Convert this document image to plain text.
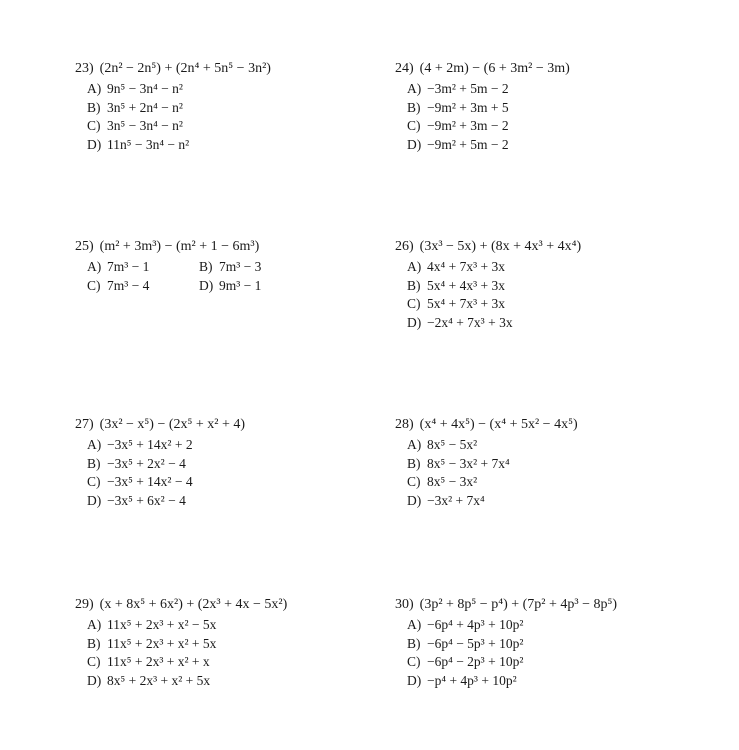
23) (2n² − 2n⁵) + (2n⁴ + 5n⁵ − 3n²)
A) 9n⁵ − 3n⁴ − n²
B) 3n⁵ + 2n⁴ − n²
C) 3n⁵ − 3n⁴ − n²
D) 11n⁵ − 3n⁴ − n²
24) (4 + 2m) − (6 + 3m² − 3m)
A) −3m² + 5m − 2
B) −9m² + 3m + 5
C) −9m² + 3m − 2
D) −9m² + 5m − 2
25) (m² + 3m³) − (m² + 1 − 6m³)
A) 7m³ − 1	B) 7m³ − 3
C) 7m³ − 4	D) 9m³ − 1
26) (3x³ − 5x) + (8x + 4x³ + 4x⁴)
A) 4x⁴ + 7x³ + 3x
B) 5x⁴ + 4x³ + 3x
C) 5x⁴ + 7x³ + 3x
D) −2x⁴ + 7x³ + 3x
27) (3x² − x⁵) − (2x⁵ + x² + 4)
A) −3x⁵ + 14x² + 2
B) −3x⁵ + 2x² − 4
C) −3x⁵ + 14x² − 4
D) −3x⁵ + 6x² − 4
28) (x⁴ + 4x⁵) − (x⁴ + 5x² − 4x⁵)
A) 8x⁵ − 5x²
B) 8x⁵ − 3x² + 7x⁴
C) 8x⁵ − 3x²
D) −3x² + 7x⁴
29) (x + 8x⁵ + 6x²) + (2x³ + 4x − 5x²)
A) 11x⁵ + 2x³ + x² − 5x
B) 11x⁵ + 2x³ + x² + 5x
C) 11x⁵ + 2x³ + x² + x
D) 8x⁵ + 2x³ + x² + 5x
30) (3p² + 8p⁵ − p⁴) + (7p² + 4p³ − 8p⁵)
A) −6p⁴ + 4p³ + 10p²
B) −6p⁴ − 5p³ + 10p²
C) −6p⁴ − 2p³ + 10p²
D) −p⁴ + 4p³ + 10p²
